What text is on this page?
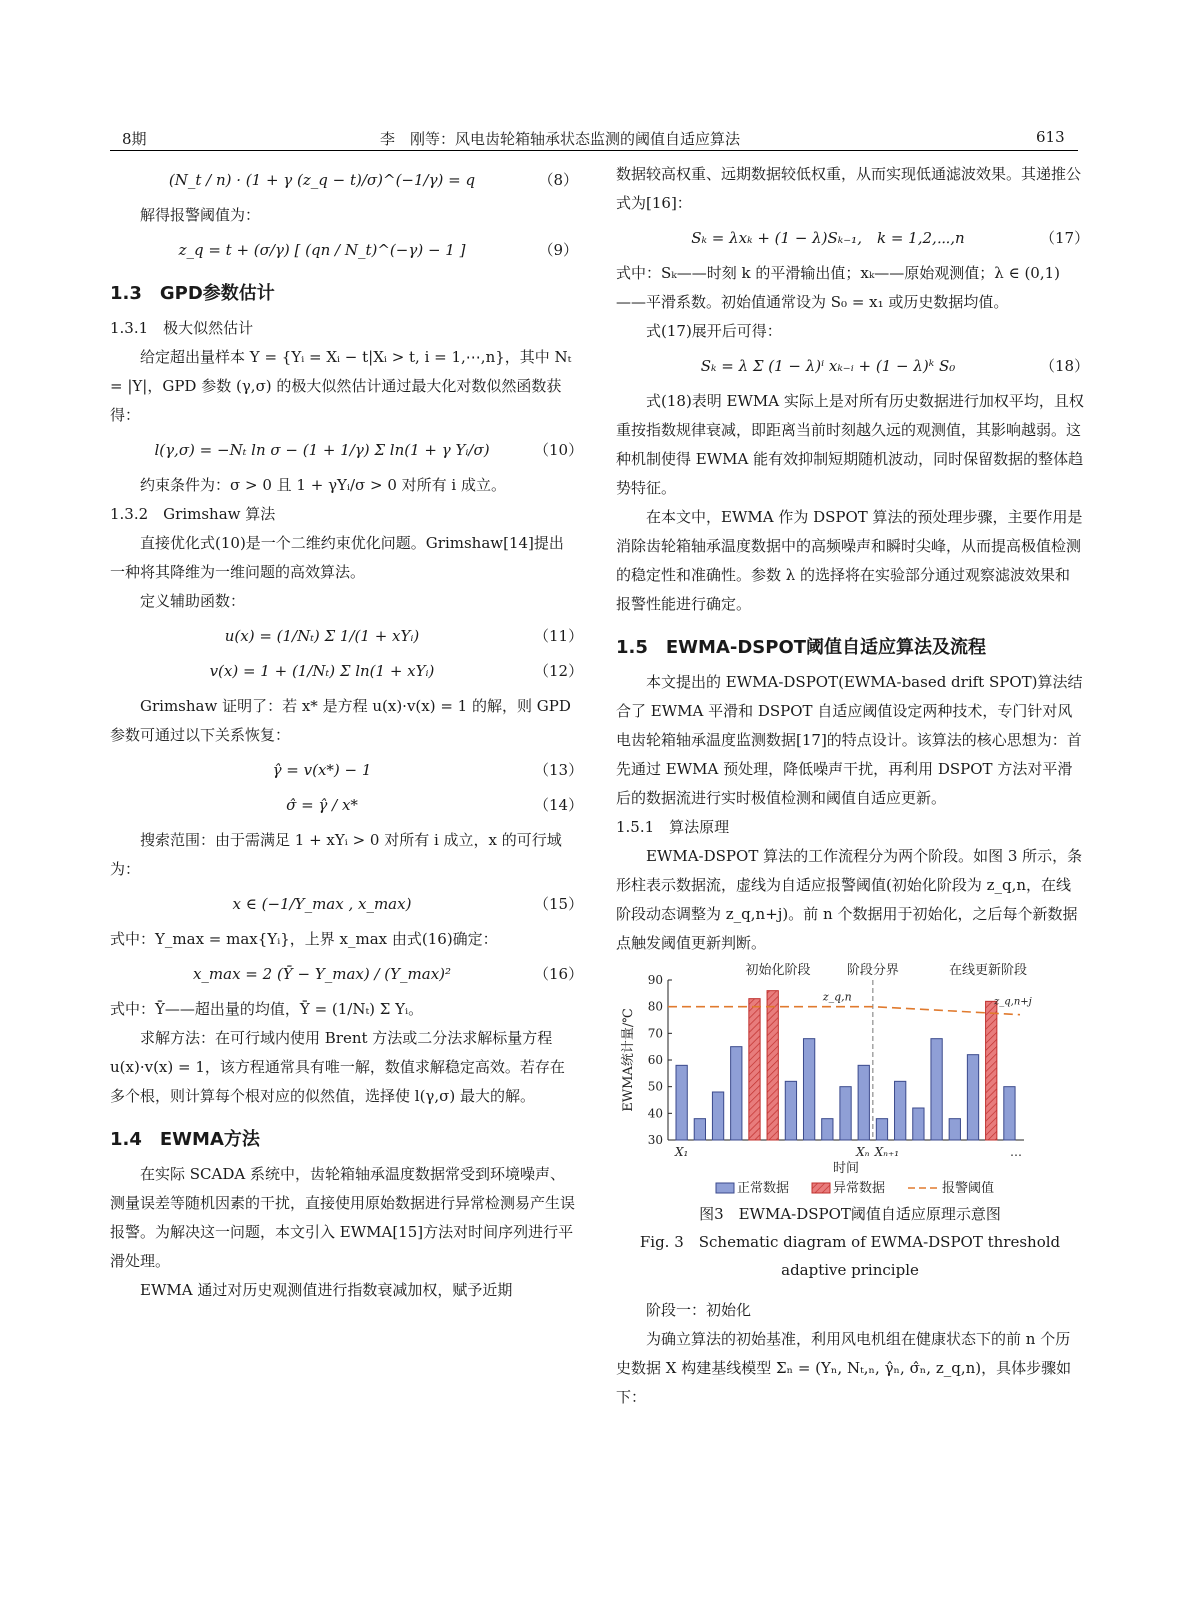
8期	李　刚等：风电齿轮箱轴承状态监测的阈值自适应算法	613
(N_t / n) · (1 + γ (z_q − t)/σ)^(−1/γ) = q	（8）

解得报警阈值为：

z_q = t + (σ/γ) [ (qn / N_t)^(−γ) − 1 ]	（9）
1.3　GPD参数估计

1.3.1　极大似然估计

给定超出量样本 Y = {Yᵢ = Xᵢ − t|Xᵢ > t, i = 1,⋯,n}，其中 Nₜ = |Y|，GPD 参数 (γ,σ) 的极大似然估计通过最大化对数似然函数获得：

l(γ,σ) = −Nₜ ln σ − (1 + 1/γ) Σ ln(1 + γ Yᵢ/σ)	（10）

约束条件为：σ > 0 且 1 + γYᵢ/σ > 0 对所有 i 成立。

1.3.2　Grimshaw 算法

直接优化式(10)是一个二维约束优化问题。Grimshaw[14]提出一种将其降维为一维问题的高效算法。

定义辅助函数：

u(x) = (1/Nₜ) Σ 1/(1 + xYᵢ)	（11）
v(x) = 1 + (1/Nₜ) Σ ln(1 + xYᵢ)	（12）

Grimshaw 证明了：若 x* 是方程 u(x)·v(x) = 1 的解，则 GPD 参数可通过以下关系恢复：

γ̂ = v(x*) − 1	（13）
σ̂ = γ̂ / x*	（14）

搜索范围：由于需满足 1 + xYᵢ > 0 对所有 i 成立，x 的可行域为：

x ∈ (−1/Y_max , x_max)	（15）

式中：Y_max = max{Yᵢ}，上界 x_max 由式(16)确定：

x_max = 2 (Ȳ − Y_max) / (Y_max)²	（16）

式中：Ȳ——超出量的均值，Ȳ = (1/Nₜ) Σ Yᵢ。

求解方法：在可行域内使用 Brent 方法或二分法求解标量方程 u(x)·v(x) = 1，该方程通常具有唯一解，数值求解稳定高效。若存在多个根，则计算每个根对应的似然值，选择使 l(γ,σ) 最大的解。

1.4　EWMA方法

在实际 SCADA 系统中，齿轮箱轴承温度数据常受到环境噪声、测量误差等随机因素的干扰，直接使用原始数据进行异常检测易产生误报警。为解决这一问题，本文引入 EWMA[15]方法对时间序列进行平滑处理。

EWMA 通过对历史观测值进行指数衰减加权，赋予近期

数据较高权重、远期数据较低权重，从而实现低通滤波效果。其递推公式为[16]：

Sₖ = λxₖ + (1 − λ)Sₖ₋₁,　k = 1,2,⋯,n	（17）

式中：Sₖ——时刻 k 的平滑输出值；xₖ——原始观测值；λ ∈ (0,1)——平滑系数。初始值通常设为 S₀ = x₁ 或历史数据均值。

式(17)展开后可得：

Sₖ = λ Σ (1 − λ)ⁱ xₖ₋ᵢ + (1 − λ)ᵏ S₀	（18）

式(18)表明 EWMA 实际上是对所有历史数据进行加权平均，且权重按指数规律衰减，即距离当前时刻越久远的观测值，其影响越弱。这种机制使得 EWMA 能有效抑制短期随机波动，同时保留数据的整体趋势特征。

在本文中，EWMA 作为 DSPOT 算法的预处理步骤，主要作用是消除齿轮箱轴承温度数据中的高频噪声和瞬时尖峰，从而提高极值检测的稳定性和准确性。参数 λ 的选择将在实验部分通过观察滤波效果和报警性能进行确定。

1.5　EWMA-DSPOT阈值自适应算法及流程

本文提出的 EWMA-DSPOT(EWMA-based drift SPOT)算法结合了 EWMA 平滑和 DSPOT 自适应阈值设定两种技术，专门针对风电齿轮箱轴承温度监测数据[17]的特点设计。该算法的核心思想为：首先通过 EWMA 预处理，降低噪声干扰，再利用 DSPOT 方法对平滑后的数据流进行实时极值检测和阈值自适应更新。

1.5.1　算法原理

EWMA-DSPOT 算法的工作流程分为两个阶段。如图 3 所示，条形柱表示数据流，虚线为自适应报警阈值(初始化阶段为 z_q,n，在线阶段动态调整为 z_q,n+j)。前 n 个数据用于初始化，之后每个新数据点触发阈值更新判断。

30
40
50
60
70
80
90
EWMA统计量/℃
初始化阶段	阶段分界	在线更新阶段
z_q,n	z_q,n+j
X₁	Xₙ Xₙ₊₁	…
时间
正常数据	异常数据	报警阈值

图3　EWMA-DSPOT阈值自适应原理示意图

Fig. 3　Schematic diagram of EWMA-DSPOT threshold

adaptive principle

阶段一：初始化

为确立算法的初始基准，利用风电机组在健康状态下的前 n 个历史数据 X 构建基线模型 Σₙ = (Yₙ, Nₜ,ₙ, γ̂ₙ, σ̂ₙ, z_q,n)，具体步骤如下：
